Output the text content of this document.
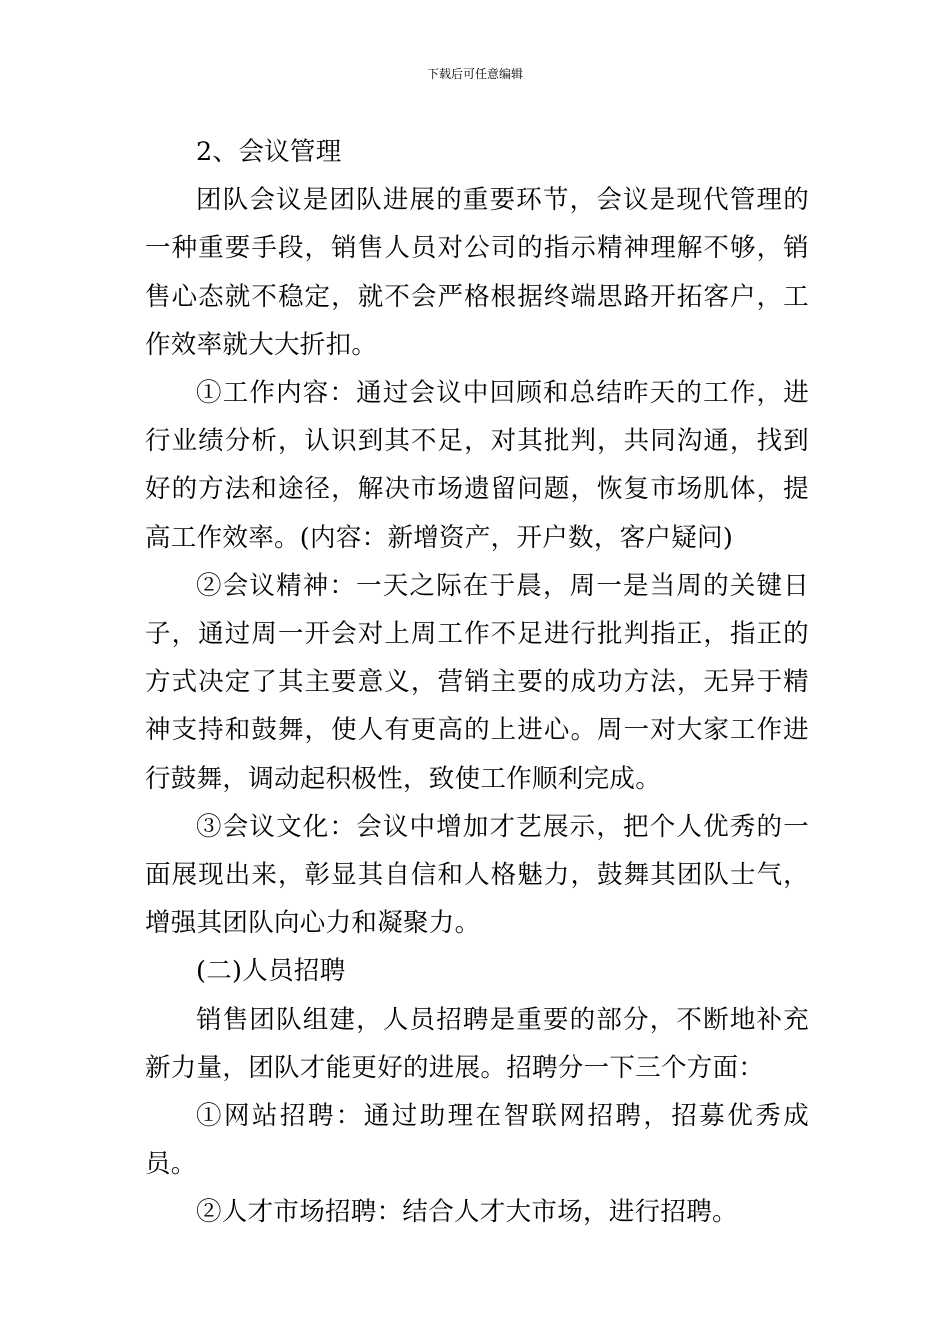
下载后可任意编辑

2、会议管理

团队会议是团队进展的重要环节，会议是现代管理的一种重要手段，销售人员对公司的指示精神理解不够，销售心态就不稳定，就不会严格根据终端思路开拓客户，工作效率就大大折扣。

①工作内容：通过会议中回顾和总结昨天的工作，进行业绩分析，认识到其不足，对其批判，共同沟通，找到好的方法和途径，解决市场遗留问题，恢复市场肌体，提高工作效率。(内容：新增资产，开户数，客户疑问)

②会议精神：一天之际在于晨，周一是当周的关键日子，通过周一开会对上周工作不足进行批判指正，指正的方式决定了其主要意义，营销主要的成功方法，无异于精神支持和鼓舞，使人有更高的上进心。周一对大家工作进行鼓舞，调动起积极性，致使工作顺利完成。

③会议文化：会议中增加才艺展示，把个人优秀的一面展现出来，彰显其自信和人格魅力，鼓舞其团队士气，增强其团队向心力和凝聚力。

(二)人员招聘

销售团队组建，人员招聘是重要的部分，不断地补充新力量，团队才能更好的进展。招聘分一下三个方面：

①网站招聘：通过助理在智联网招聘，招募优秀成员。

②人才市场招聘：结合人才大市场，进行招聘。
